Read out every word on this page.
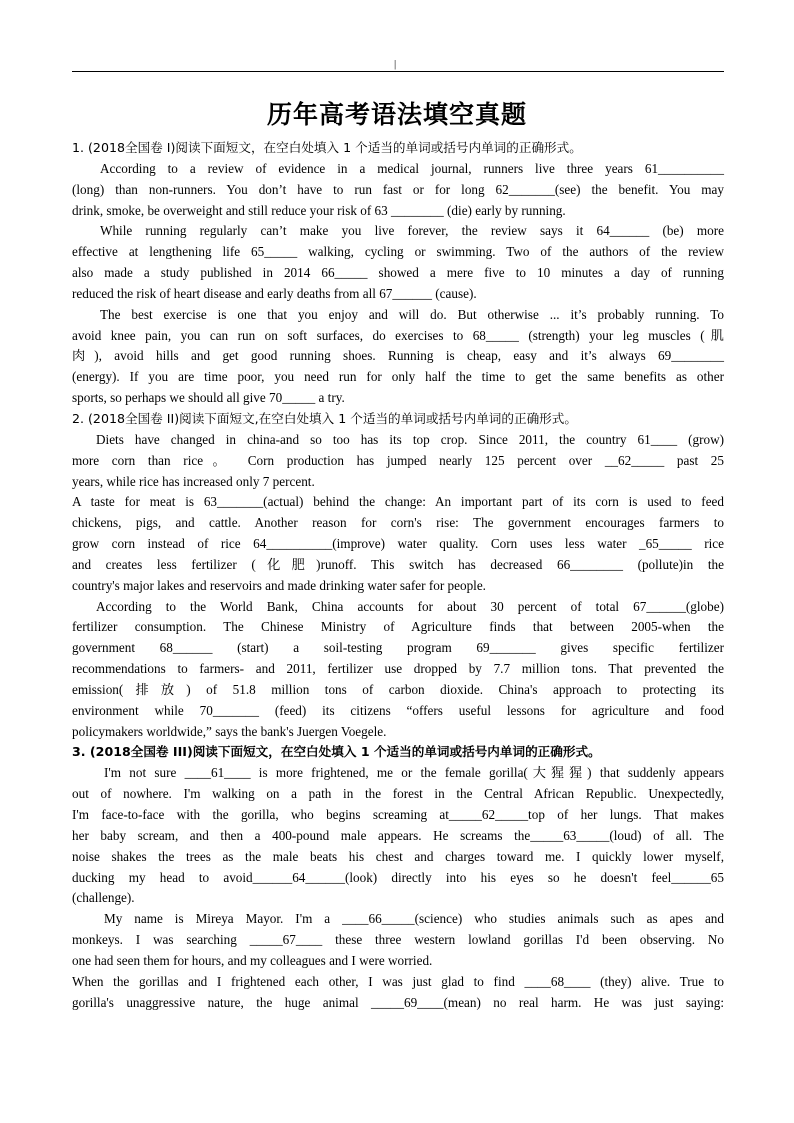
|
历年高考语法填空真题
1. (2018全国卷 I)阅读下面短文，在空白处填入 1 个适当的单词或括号内单词的正确形式。
According to a review of evidence in a medical journal, runners live three years 61__________
(long) than non-runners. You don’t have to run fast or for long 62_______(see) the benefit. You may
drink, smoke, be overweight and still reduce your risk of 63 ________ (die) early by running.
While running regularly can’t make you live forever, the review says it 64______ (be) more
effective at lengthening life 65_____ walking, cycling or swimming. Two of the authors of the review
also made a study published in 2014 66_____ showed a mere five to 10 minutes a day of running
reduced the risk of heart disease and early deaths from all 67______ (cause).
The best exercise is one that you enjoy and will do. But otherwise ... it’s probably running. To
avoid knee pain, you can run on soft surfaces, do exercises to 68_____ (strength) your leg muscles (肌
肉), avoid hills and get good running shoes. Running is cheap, easy and it’s always 69________
(energy). If you are time poor, you need run for only half the time to get the same benefits as other
sports, so perhaps we should all give 70_____ a try.
2. (2018全国卷 II)阅读下面短文,在空白处填入 1 个适当的单词或括号内单词的正确形式。
Diets have changed in china-and so too has its top crop. Since 2011, the country 61____ (grow)
more corn than rice。 Corn production has jumped nearly 125 percent over __62_____ past 25
years, while rice has increased only 7 percent.
A taste for meat is 63_______(actual) behind the change: An important part of its corn is used to feed
chickens, pigs, and cattle. Another reason for corn's rise: The government encourages farmers to
grow corn instead of rice 64__________(improve) water quality. Corn uses less water _65_____ rice
and creates less fertilizer (化肥)runoff. This switch has decreased 66________ (pollute)in the
country's major lakes and reservoirs and made drinking water safer for people.
According to the World Bank, China accounts for about 30 percent of total 67______(globe)
fertilizer consumption. The Chinese Ministry of Agriculture finds that between 2005-when the
government 68______ (start) a soil-testing program 69_______ gives specific fertilizer
recommendations to farmers- and 2011, fertilizer use dropped by 7.7 million tons. That prevented the
emission(排放) of 51.8 million tons of carbon dioxide. China's approach to protecting its
environment while 70_______ (feed) its citizens “offers useful lessons for agriculture and food
policymakers worldwide,” says the bank's Juergen Voegele.
3. (2018全国卷 III)阅读下面短文，在空白处填入 1 个适当的单词或括号内单词的正确形式。
I'm not sure ____61____ is more frightened, me or the female gorilla(大猩猩) that suddenly appears
out of nowhere. I'm walking on a path in the forest in the Central African Republic. Unexpectedly,
I'm face-to-face with the gorilla, who begins screaming at_____62_____top of her lungs. That makes
her baby scream, and then a 400-pound male appears. He screams the_____63_____(loud) of all. The
noise shakes the trees as the male beats his chest and charges toward me. I quickly lower myself,
ducking my head to avoid______64______(look) directly into his eyes so he doesn't feel______65
(challenge).
My name is Mireya Mayor. I'm a ____66_____(science) who studies animals such as apes and
monkeys. I was searching _____67____ these three western lowland gorillas I'd been observing. No
one had seen them for hours, and my colleagues and I were worried.
When the gorillas and I frightened each other, I was just glad to find ____68____ (they) alive. True to
gorilla's unaggressive nature, the huge animal _____69____(mean) no real harm. He was just saying:
